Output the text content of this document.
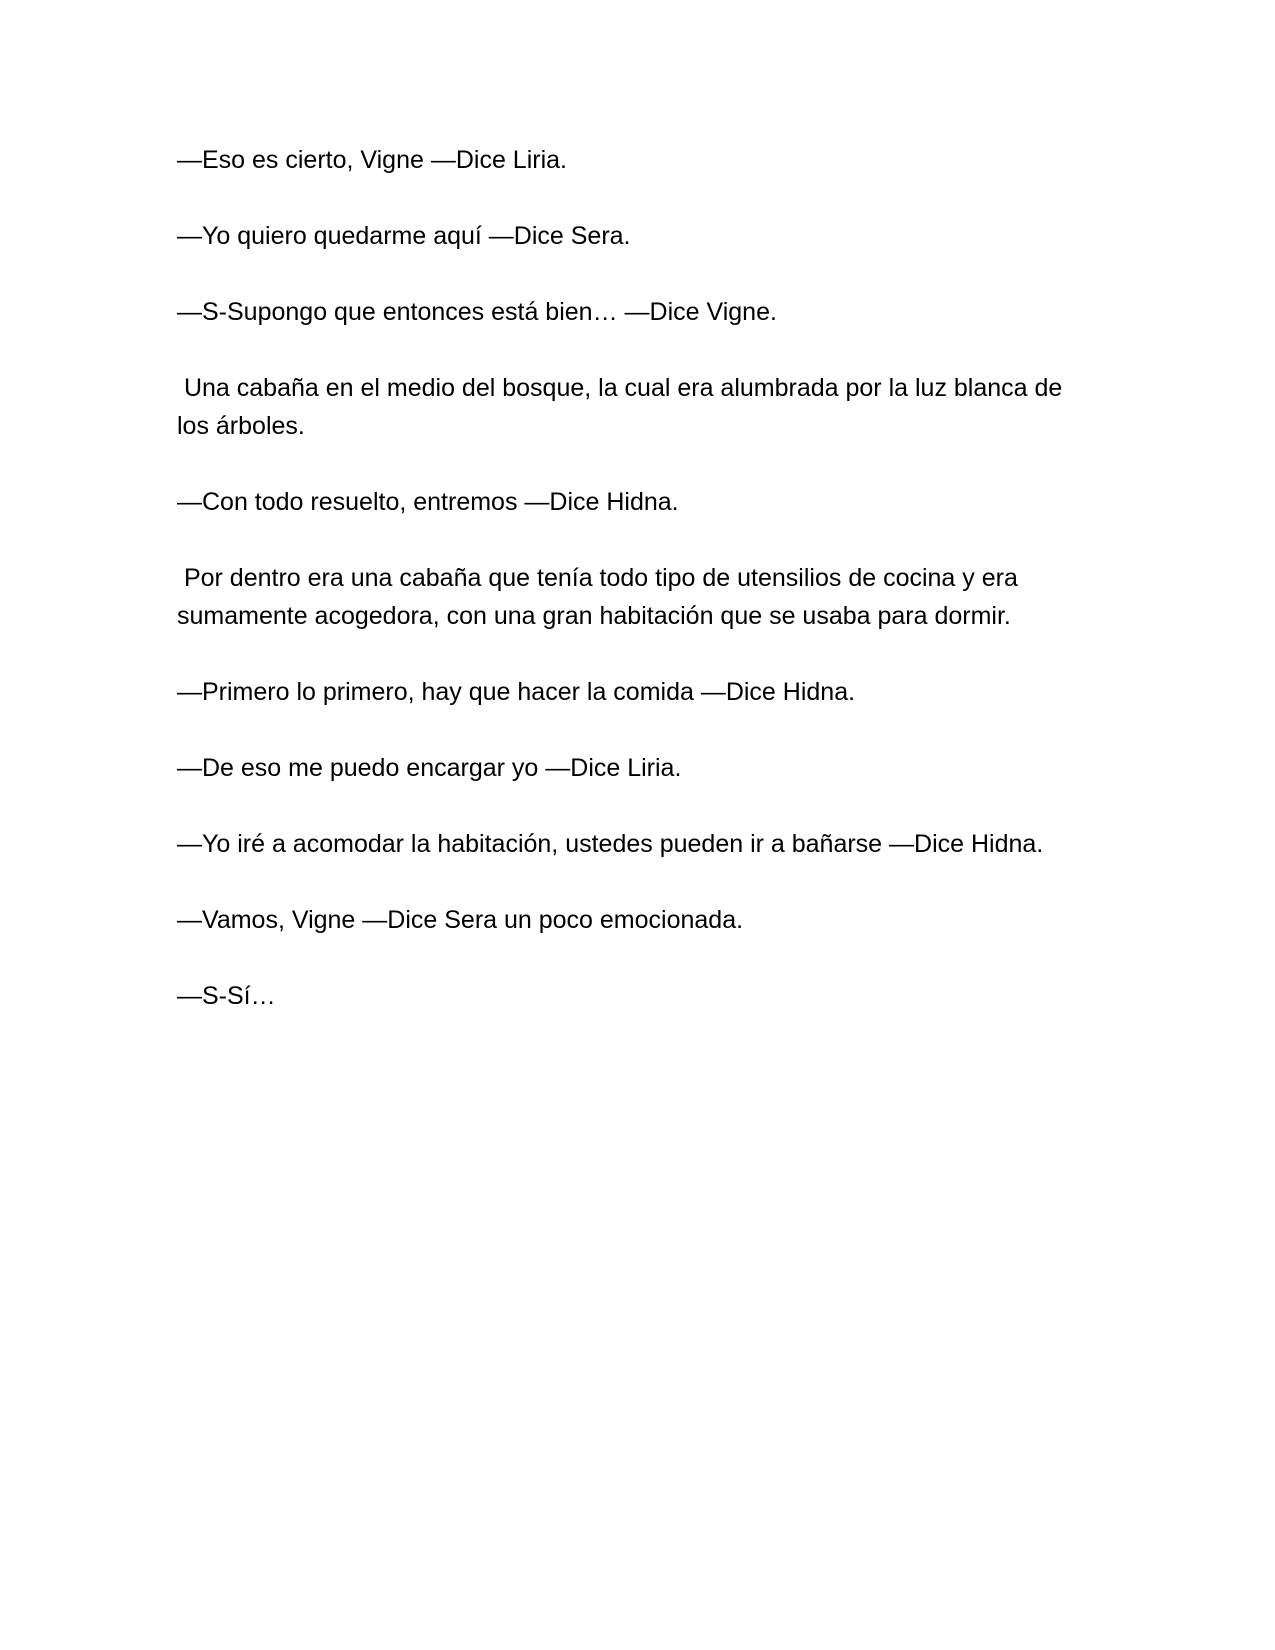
—Eso es cierto, Vigne —Dice Liria.

—Yo quiero quedarme aquí —Dice Sera.

—S-Supongo que entonces está bien… —Dice Vigne.

Una cabaña en el medio del bosque, la cual era alumbrada por la luz blanca de los árboles.

—Con todo resuelto, entremos —Dice Hidna.

Por dentro era una cabaña que tenía todo tipo de utensilios de cocina y era sumamente acogedora, con una gran habitación que se usaba para dormir.

—Primero lo primero, hay que hacer la comida —Dice Hidna.

—De eso me puedo encargar yo —Dice Liria.

—Yo iré a acomodar la habitación, ustedes pueden ir a bañarse —Dice Hidna.

—Vamos, Vigne —Dice Sera un poco emocionada.

—S-Sí…
